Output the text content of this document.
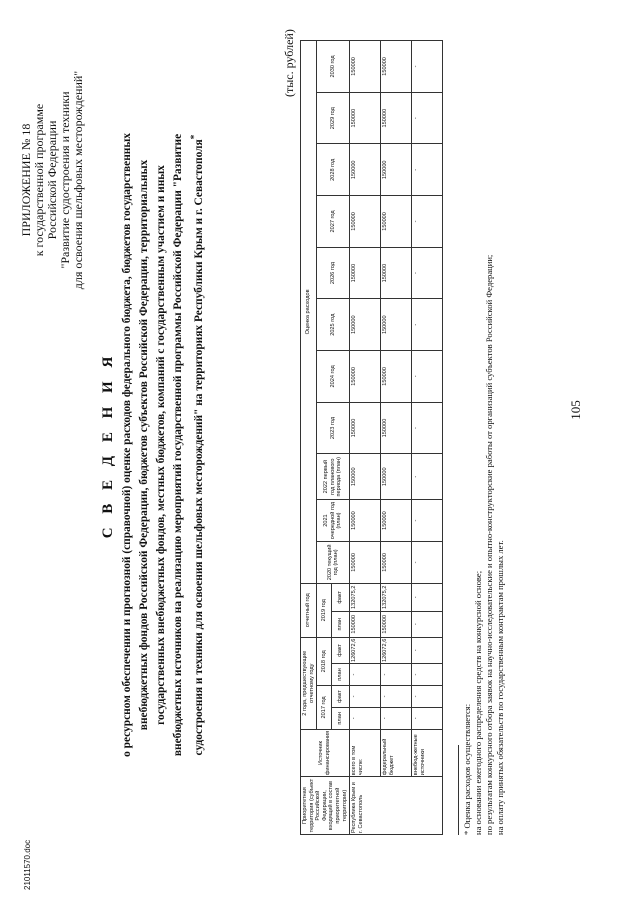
105
21011570.doc
ПРИЛОЖЕНИЕ № 18 к государственной программе Российской Федерации "Развитие судостроения и техники для освоения шельфовых месторождений"
С В Е Д Е Н И Я о ресурсном обеспечении и прогнозной (справочной) оценке расходов федерального бюджета, бюджетов государственных внебюджетных фондов Российской Федерации, бюджетов субъектов Российской Федерации, территориальных государственных внебюджетных фондов, местных бюджетов, компаний с государственным участием и иных внебюджетных источников на реализацию мероприятий государственной программы Российской Федерации "Развитие судостроения и техники для освоения шельфовых месторождений" на территориях Республики Крым и г. Севастополя*
(тыс. рублей)
Приоритетная территория (субъект Российской Федерации, входящий в состав приоритетной территории)	Источник финансирования	2 года, предшествующие отчетному году				отчетный год		Оценка расходов										
		2017 год		2018 год		2019 год		2020 текущий год (план)	2021 очередной год (план)	2022 первый год планового периода (план)	2023 год	2024 год	2025 год	2026 год	2027 год	2028 год	2029 год	2030 год
		план	факт	план	факт	план	факт											

Республика Крым и г. Севастополь	всего в том числе:	-	-	-	126072,6	150000	132075,2	150000	150000	150000	150000	150000	150000	150000	150000	150000	150000	150000
	федеральный бюджет	-	-	-	126072,6	150000	132075,2	150000	150000	150000	150000	150000	150000	150000	150000	150000	150000	150000
	внебюд-жетные источники	-	-	-	-	-	-	-	-	-	-	-	-	-	-	-	-	-
* Оценка расходов осуществляется: на основании ежегодного распределения средств на конкурсной основе; по результатам конкурсного отбора заявок на научно-исследовательские и опытно-конструкторские работы от организаций субъектов Российской Федерации; на оплату принятых обязательств по государственным контрактам прошлых лет.
